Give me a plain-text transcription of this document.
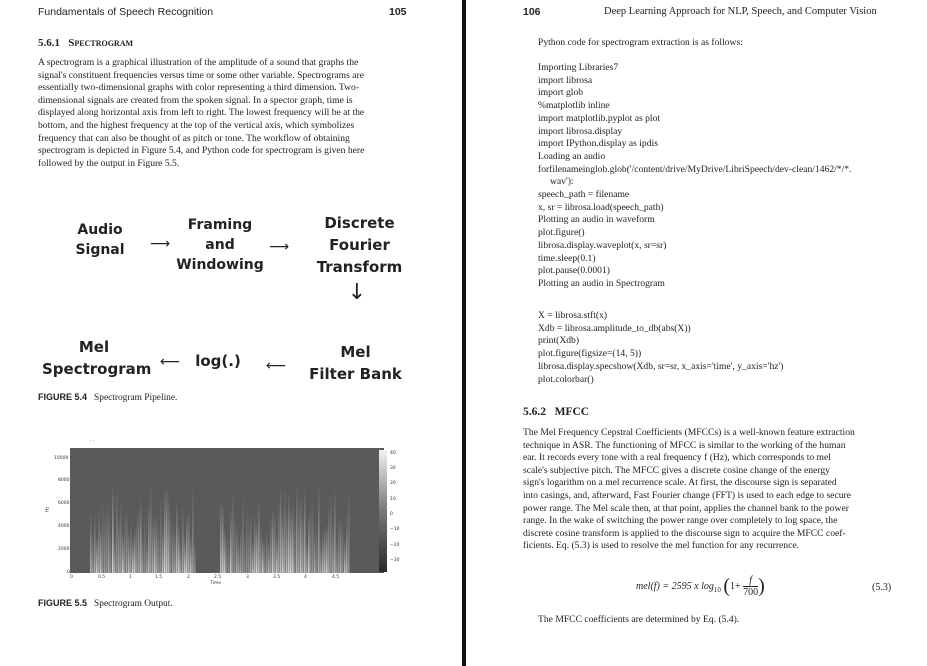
Fundamentals of Speech Recognition	105
5.6.1 Spectrogram
A spectrogram is a graphical illustration of the amplitude of a sound that graphs the
signal's constituent frequencies versus time or some other variable. Spectrograms are
essentially two-dimensional graphs with color representing a third dimension. Two-
dimensional signals are created from the spoken signal. In a spector graph, time is
displayed along horizontal axis from left to right. The lowest frequency will be at the
bottom, and the highest frequency at the top of the vertical axis, which symbolizes
frequency that can also be thought of as pitch or tone. The workflow of obtaining
spectrogram is depicted in Figure 5.4, and Python code for spectrogram is given here
followed by the output in Figure 5.5.
Audio
Signal	⟶
Framing
and
Windowing
⟶
Discrete
Fourier
Transform
↓
Mel
Filter Bank
⟵
log(.)
⟵
Mel
Spectrogram
FIGURE 5.4 Spectrogram Pipeline.
· ·
10000
8000
6000
4000
2000
0
Hz
0	0.5	1	1.5	2	2.5	3	3.5	4	4.5
Time
40
30
20
10
0
−10
−20
−30
FIGURE 5.5 Spectrogram Output.
106	Deep Learning Approach for NLP, Speech, and Computer Vision
Python code for spectrogram extraction is as follows:
Importing Libraries7
import librosa
import glob
%matplotlib inline
import matplotlib.pyplot as plot
import librosa.display
import IPython.display as ipdis
Loading an audio
forfilenameinglob.glob('/content/drive/MyDrive/LibriSpeech/dev-clean/1462/*/*.
wav'):
speech_path = filename
x, sr = librosa.load(speech_path)
Plotting an audio in waveform
plot.figure()
librosa.display.waveplot(x, sr=sr)
time.sleep(0.1)
plot.pause(0.0001)
Plotting an audio in Spectrogram
X = librosa.stft(x)
Xdb = librosa.amplitude_to_db(abs(X))
print(Xdb)
plot.figure(figsize=(14, 5))
librosa.display.specshow(Xdb, sr=sr, x_axis='time', y_axis='hz')
plot.colorbar()
5.6.2 MFCC
The Mel Frequency Cepstral Coefficients (MFCCs) is a well-known feature extraction
technique in ASR. The functioning of MFCC is similar to the working of the human
ear. It records every tone with a real frequency f (Hz), which corresponds to mel
scale's subjective pitch. The MFCC gives a discrete cosine change of the energy
sign's logarithm on a mel recurrence scale. At first, the discourse sign is separated
into casings, and, afterward, Fast Fourier change (FFT) is used to each edge to secure
power range. The Mel scale then, at that point, applies the channel bank to the power
range. In the wake of switching the power range over completely to log space, the
discrete cosine transform is applied to the discourse sign to acquire the MFCC coef-
ficients. Eq. (5.3) is used to resolve the mel function for any recurrence.
mel(f) = 2595 x $\log_{10} (1+ \frac{f}{700}$ )	(5.3)
The MFCC coefficients are determined by Eq. (5.4).
